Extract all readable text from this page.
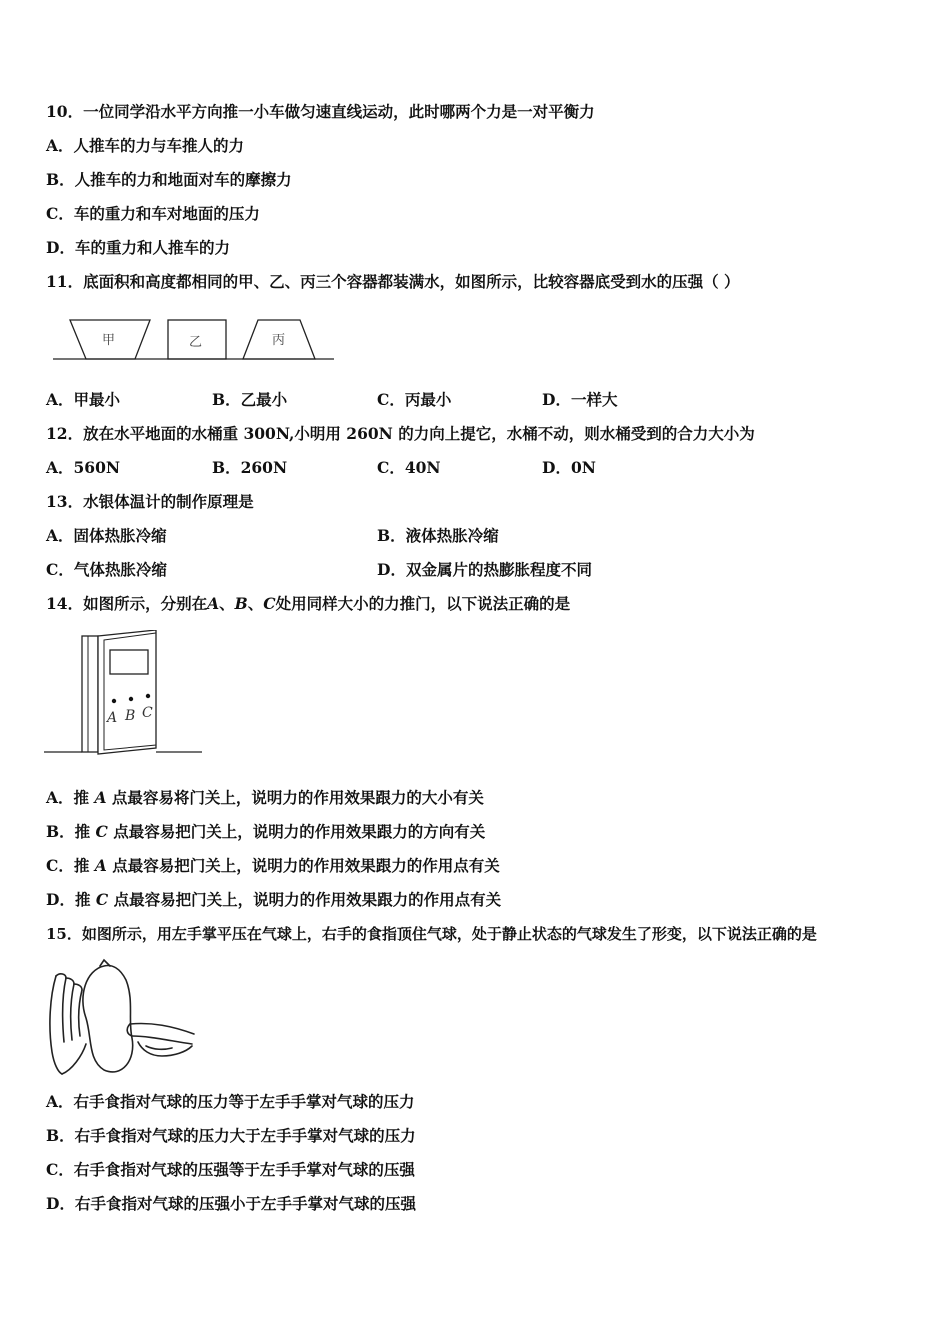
10．一位同学沿水平方向推一小车做匀速直线运动，此时哪两个力是一对平衡力
A．人推车的力与车推人的力
B．人推车的力和地面对车的摩擦力
C．车的重力和车对地面的压力
D．车的重力和人推车的力
11．底面积和高度都相同的甲、乙、丙三个容器都装满水，如图所示，比较容器底受到水的压强（ ）
甲	乙	丙
A．甲最小	B．乙最小	C．丙最小	D．一样大
12．放在水平地面的水桶重 300N,小明用 260N 的力向上提它，水桶不动，则水桶受到的合力大小为
A．560N	B．260N	C．40N	D．0N
13．水银体温计的制作原理是
A．固体热胀冷缩	B．液体热胀冷缩
C．气体热胀冷缩	D．双金属片的热膨胀程度不同
14．如图所示，分别在A、B、C处用同样大小的力推门，以下说法正确的是
A B C
A．推 A 点最容易将门关上，说明力的作用效果跟力的大小有关
B．推 C 点最容易把门关上，说明力的作用效果跟力的方向有关
C．推 A 点最容易把门关上，说明力的作用效果跟力的作用点有关
D．推 C 点最容易把门关上，说明力的作用效果跟力的作用点有关
15．如图所示，用左手掌平压在气球上，右手的食指顶住气球，处于静止状态的气球发生了形变，以下说法正确的是
A．右手食指对气球的压力等于左手手掌对气球的压力
B．右手食指对气球的压力大于左手手掌对气球的压力
C．右手食指对气球的压强等于左手手掌对气球的压强
D．右手食指对气球的压强小于左手手掌对气球的压强
